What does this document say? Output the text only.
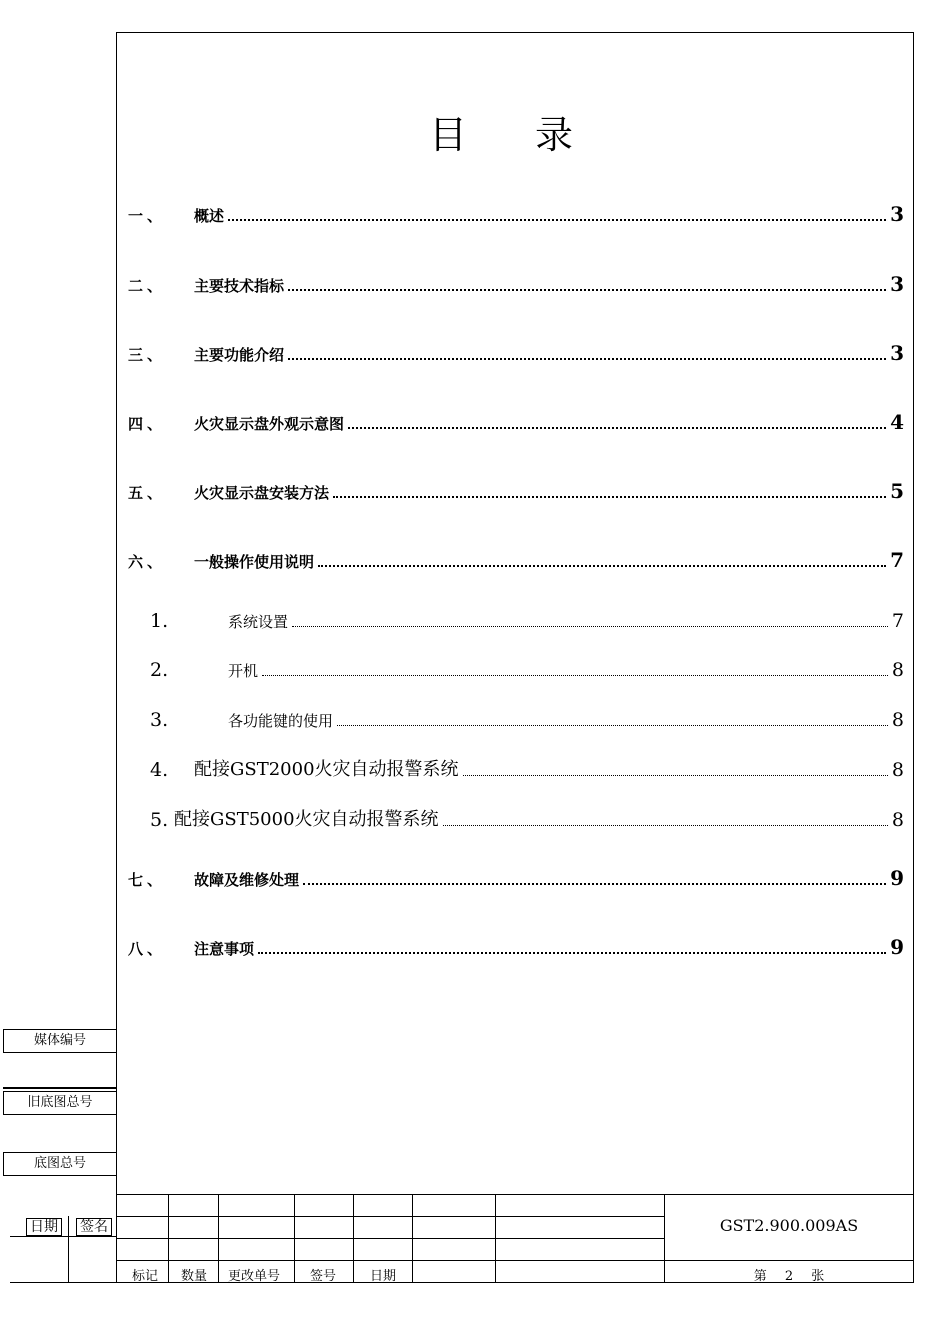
目 录
一、	概述	3
二、	主要技术指标	3
三、	主要功能介绍	3
四、	火灾显示盘外观示意图	4
五、	火灾显示盘安装方法	5
六、	一般操作使用说明	7
1.	系统设置	7
2.	开机	8
3.	各功能键的使用	8
4.	配接GST2000火灾自动报警系统	8
5. 配接GST5000火灾自动报警系统	8
七、	故障及维修处理	9
八、	注意事项	9
媒体编号
旧底图总号
底图总号
日期 签名
标记 数量 更改单号 签号	日期
GST2.900.009AS
第 2 张
